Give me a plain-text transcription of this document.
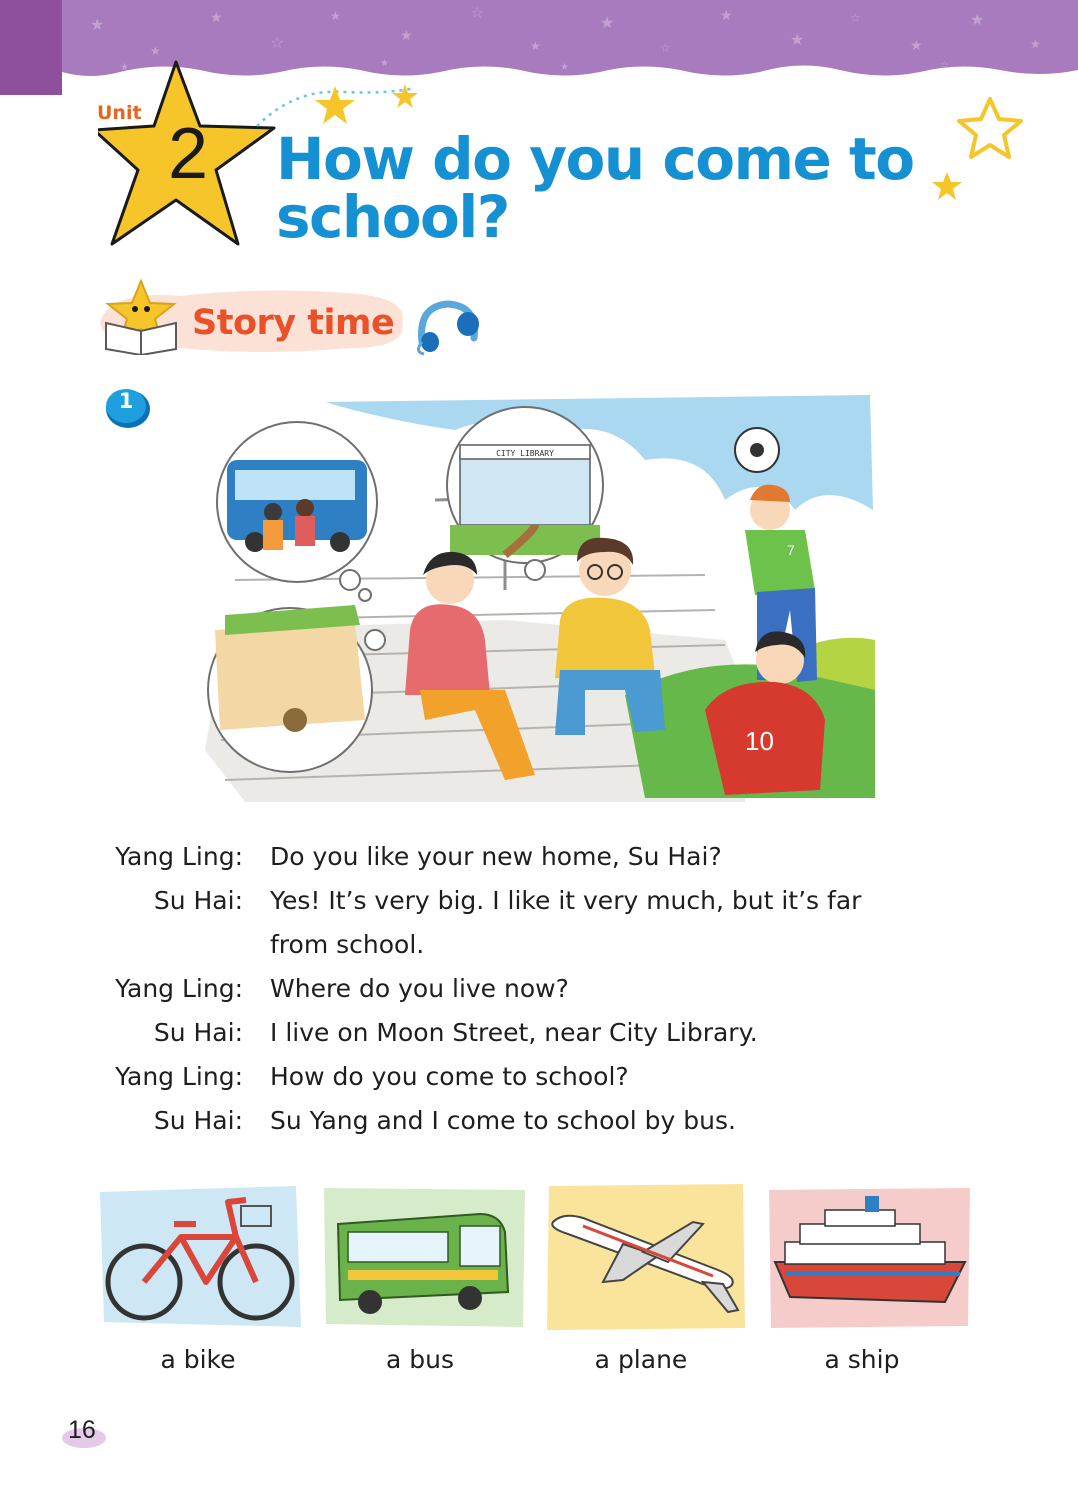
★
★
★
☆
★
★
☆
★
★
☆
★
★
☆
★
★
★
★	★	☆
★
Unit
2 How do you come to school?
Story time
1
CITY LIBRARY
7
10
Yang Ling: Do you like your new home, Su Hai?
Su Hai: Yes! It’s very big. I like it very much, but it’s far from school.
Yang Ling: Where do you live now?
Su Hai: I live on Moon Street, near City Library.
Yang Ling: How do you come to school?
Su Hai: Su Yang and I come to school by bus.
a bike	a bus	a plane	a ship
16
